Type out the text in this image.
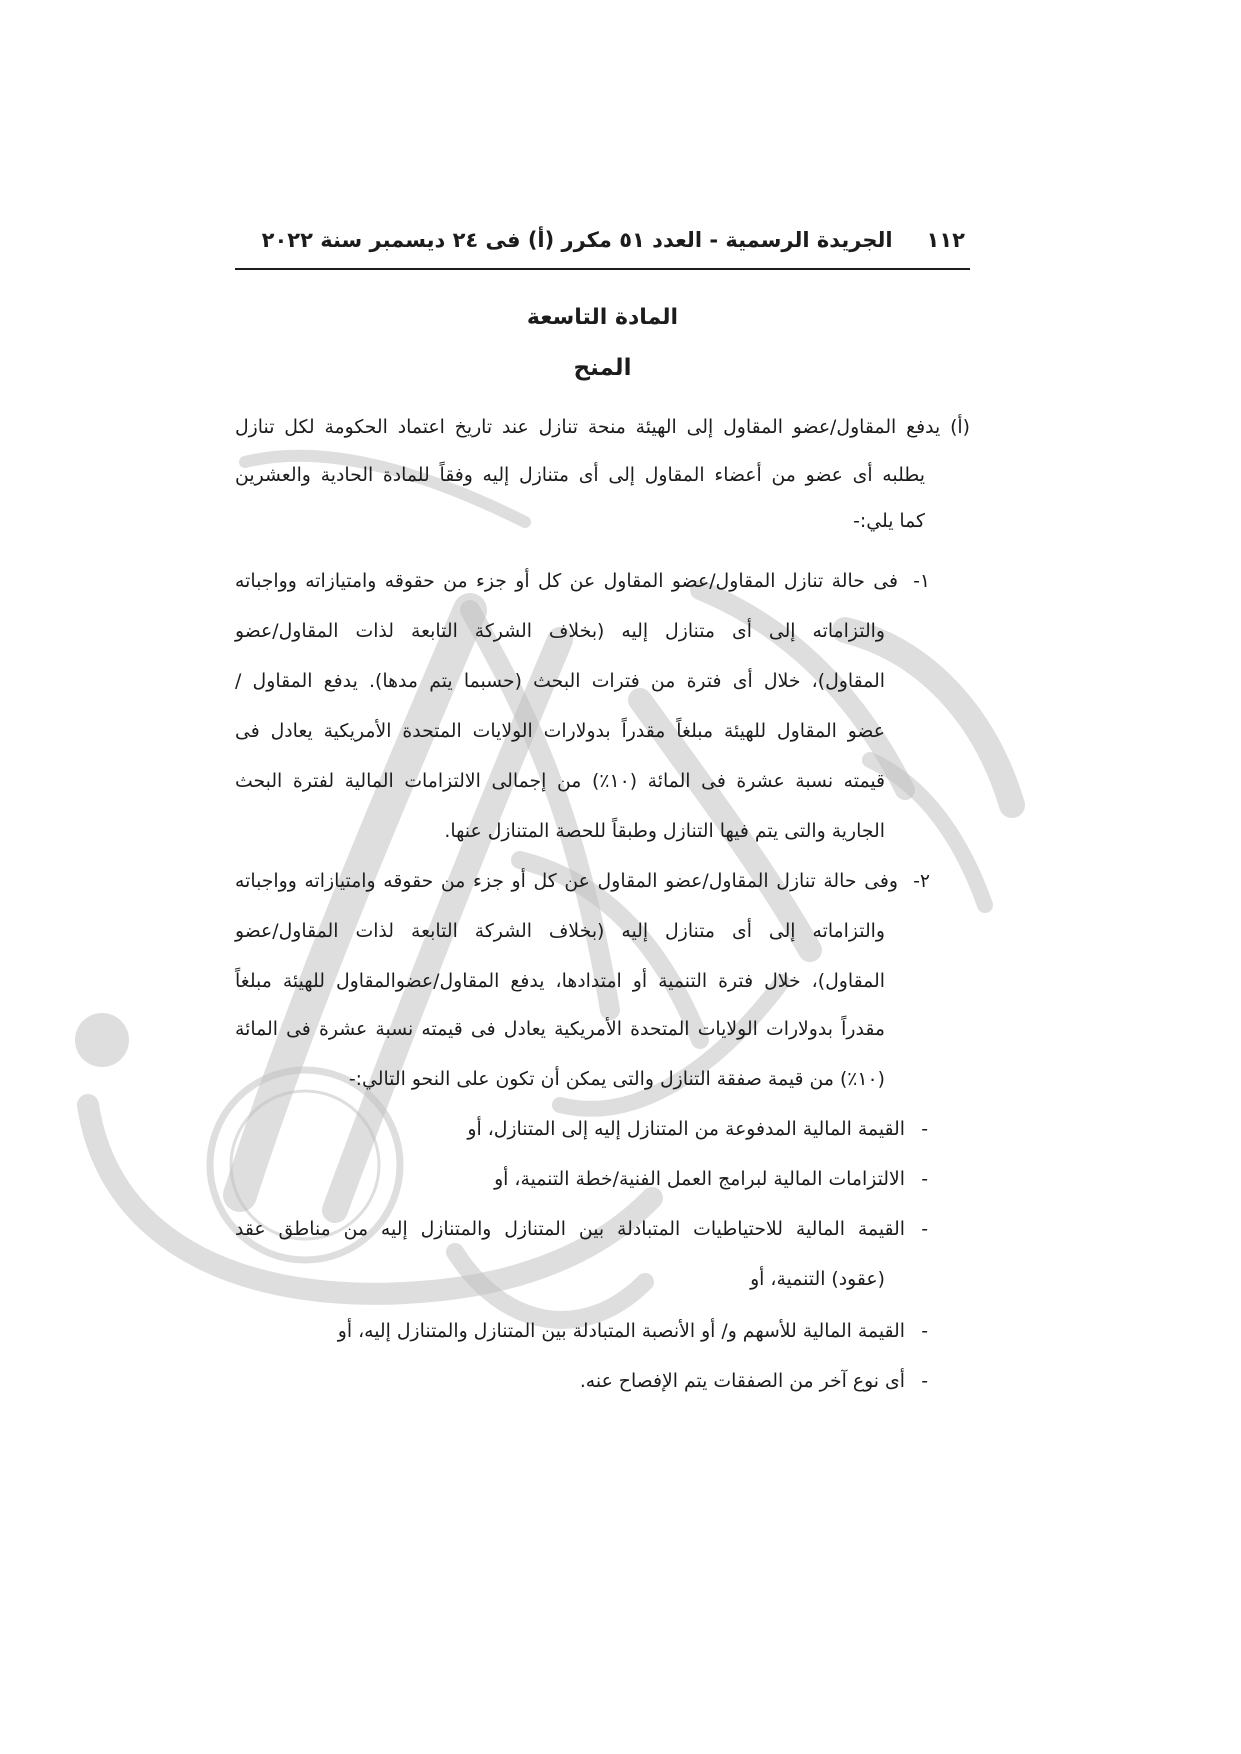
١١٢
الجريدة الرسمية - العدد ٥١ مكرر (أ) فى ٢٤ ديسمبر سنة ٢٠٢٢
المادة التاسعة
المنح
(أ) يدفع المقاول/عضو المقاول إلى الهيئة منحة تنازل عند تاريخ اعتماد الحكومة لكل تنازل
يطلبه أى عضو من أعضاء المقاول إلى أى متنازل إليه وفقاً للمادة الحادية والعشرين
كما يلي:-
١-
فى حالة تنازل المقاول/عضو المقاول عن كل أو جزء من حقوقه وامتيازاته وواجباته
والتزاماته إلى أى متنازل إليه (بخلاف الشركة التابعة لذات المقاول/عضو
المقاول)، خلال أى فترة من فترات البحث (حسبما يتم مدها). يدفع المقاول /
عضو المقاول للهيئة مبلغاً مقدراً بدولارات الولايات المتحدة الأمريكية يعادل فى
قيمته نسبة عشرة فى المائة (١٠٪) من إجمالى الالتزامات المالية لفترة البحث
الجارية والتى يتم فيها التنازل وطبقاً للحصة المتنازل عنها.
٢-
وفى حالة تنازل المقاول/عضو المقاول عن كل أو جزء من حقوقه وامتيازاته وواجباته
والتزاماته إلى أى متنازل إليه (بخلاف الشركة التابعة لذات المقاول/عضو
المقاول)، خلال فترة التنمية أو امتدادها، يدفع المقاول/عضوالمقاول للهيئة مبلغاً
مقدراً بدولارات الولايات المتحدة الأمريكية يعادل فى قيمته نسبة عشرة فى المائة
(١٠٪) من قيمة صفقة التنازل والتى يمكن أن تكون على النحو التالي:-
-
القيمة المالية المدفوعة من المتنازل إليه إلى المتنازل، أو
-
الالتزامات المالية لبرامج العمل الفنية/خطة التنمية، أو
-
القيمة المالية للاحتياطيات المتبادلة بين المتنازل والمتنازل إليه من مناطق عقد
(عقود) التنمية، أو
-
القيمة المالية للأسهم و/ أو الأنصبة المتبادلة بين المتنازل والمتنازل إليه، أو
-
أى نوع آخر من الصفقات يتم الإفصاح عنه.
